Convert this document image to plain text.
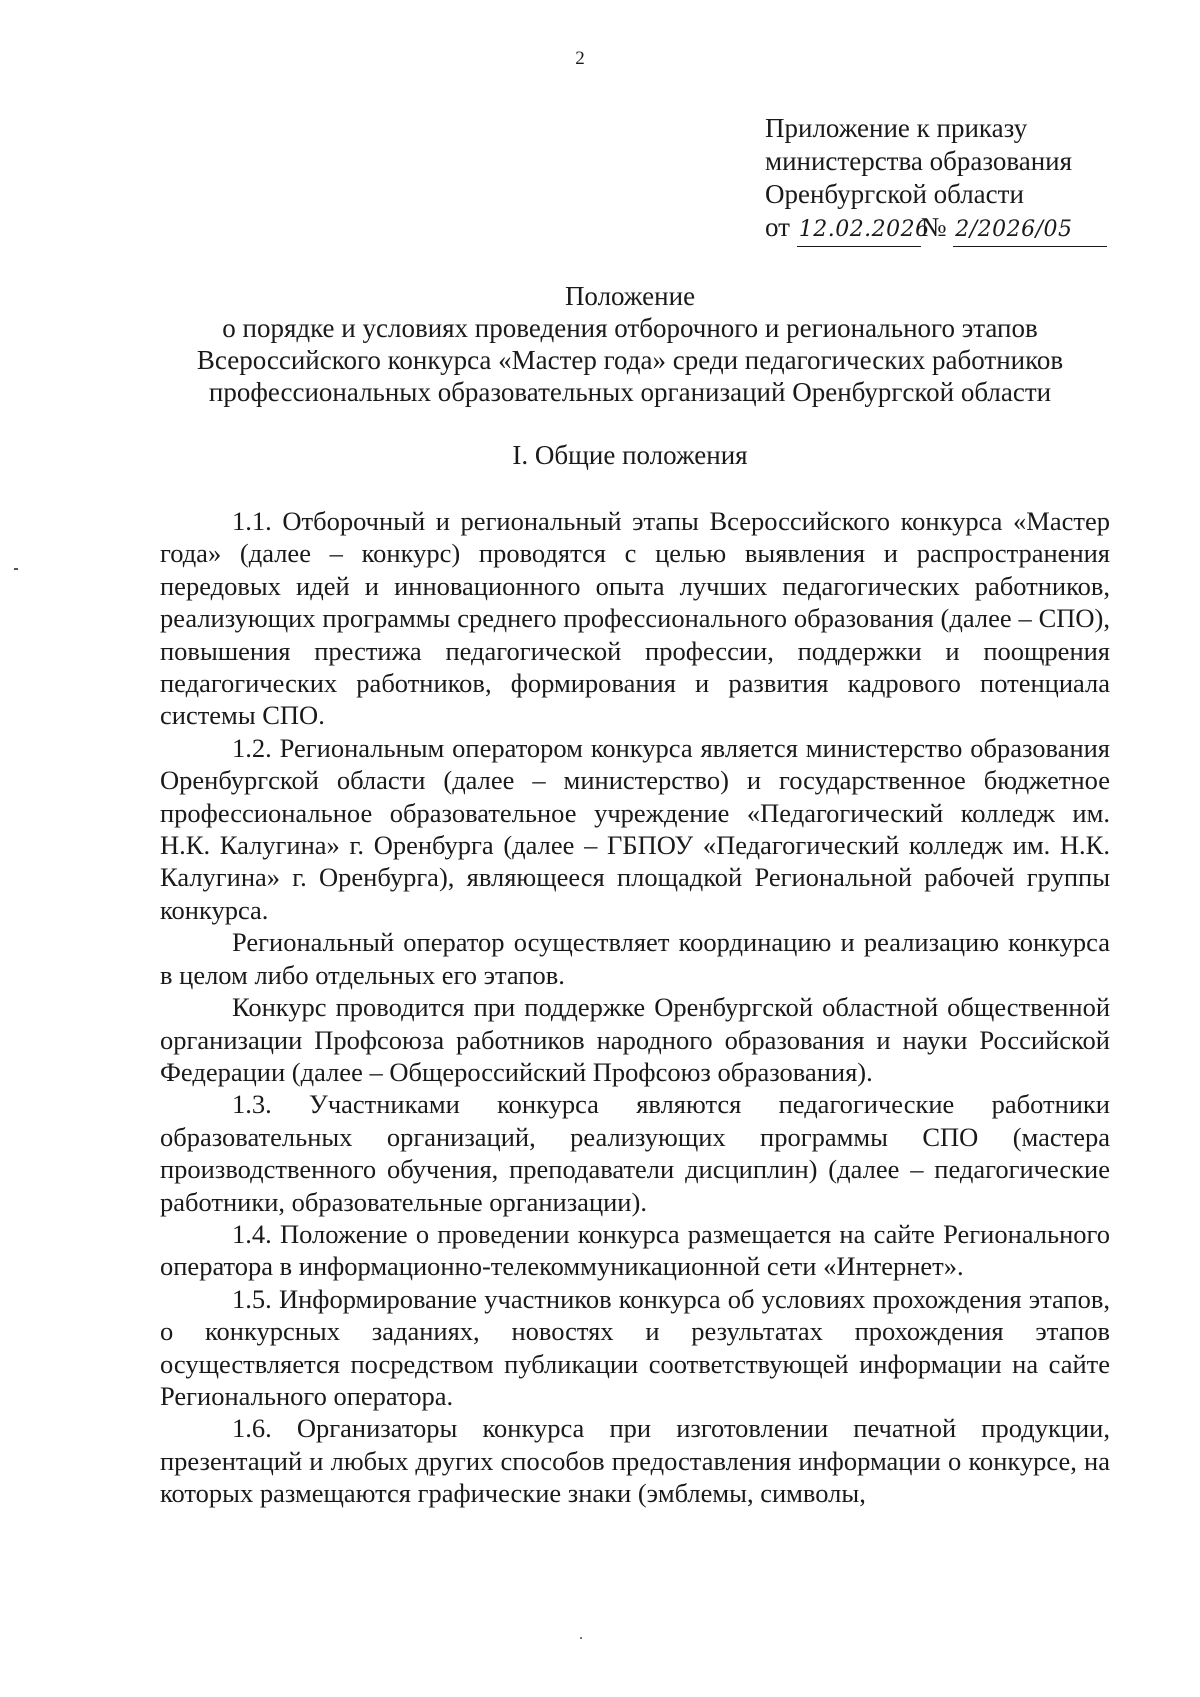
2
Приложение к приказу
министерства образования
Оренбургской области
от 12.02.2026№ 2/2026/05
Положение
о порядке и условиях проведения отборочного и регионального этапов
Всероссийского конкурса «Мастер года» среди педагогических работников
профессиональных образовательных организаций Оренбургской области
I. Общие положения

1.1. Отборочный и региональный этапы Всероссийского конкурса «Мастер года» (далее – конкурс) проводятся с целью выявления и распространения передовых идей и инновационного опыта лучших педагогических работников, реализующих программы среднего профессионального образования (далее – СПО), повышения престижа педагогической профессии, поддержки и поощрения педагогических работников, формирования и развития кадрового потенциала системы СПО.

1.2. Региональным оператором конкурса является министерство образования Оренбургской области (далее – министерство) и государственное бюджетное профессиональное образовательное учреждение «Педагогический колледж им. Н.К. Калугина» г. Оренбурга (далее – ГБПОУ «Педагогический колледж им. Н.К. Калугина» г. Оренбурга), являющееся площадкой Региональной рабочей группы конкурса.

Региональный оператор осуществляет координацию и реализацию конкурса в целом либо отдельных его этапов.

Конкурс проводится при поддержке Оренбургской областной общественной организации Профсоюза работников народного образования и науки Российской Федерации (далее – Общероссийский Профсоюз образования).

1.3. Участниками конкурса являются педагогические работники образовательных организаций, реализующих программы СПО (мастера производственного обучения, преподаватели дисциплин) (далее – педагогические работники, образовательные организации).

1.4. Положение о проведении конкурса размещается на сайте Регионального оператора в информационно-телекоммуникационной сети «Интернет».

1.5. Информирование участников конкурса об условиях прохождения этапов, о конкурсных заданиях, новостях и результатах прохождения этапов осуществляется посредством публикации соответствующей информации на сайте Регионального оператора.

1.6. Организаторы конкурса при изготовлении печатной продукции, презентаций и любых других способов предоставления информации о конкурсе, на которых размещаются графические знаки (эмблемы, символы,
